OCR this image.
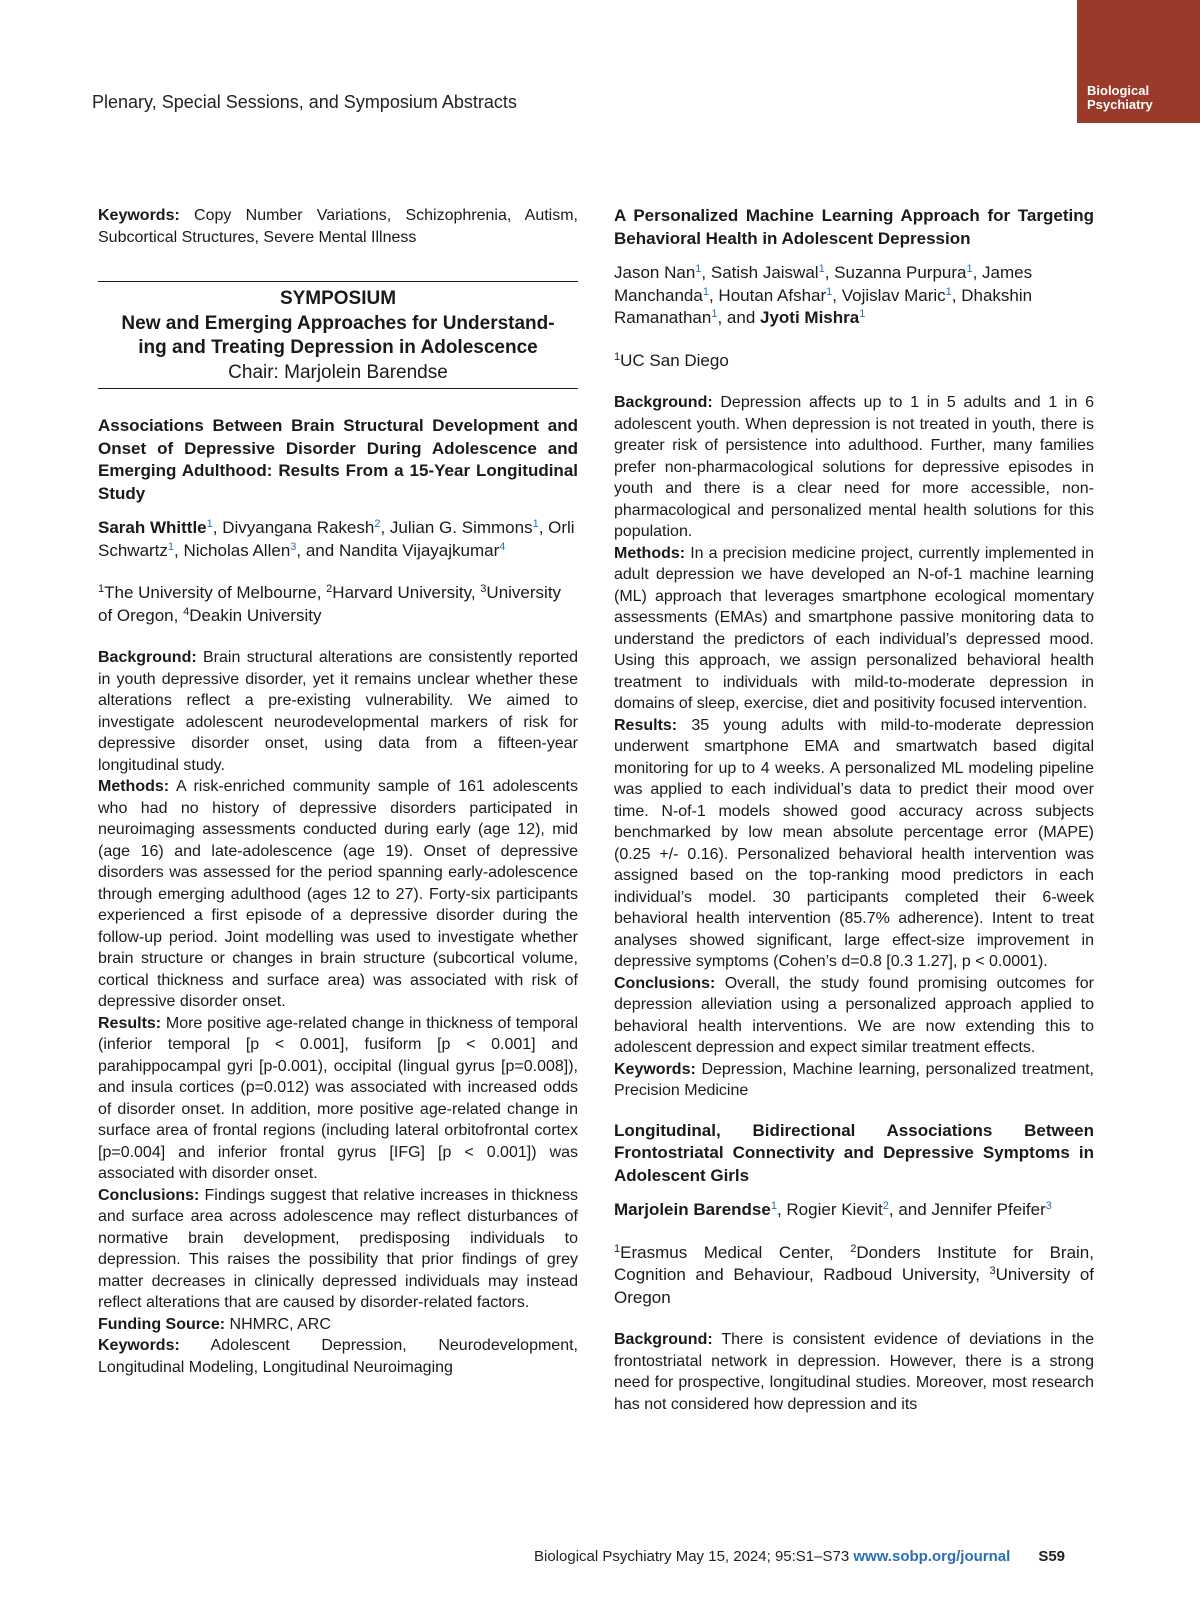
Biological
Psychiatry
Plenary, Special Sessions, and Symposium Abstracts

Keywords: Copy Number Variations, Schizophrenia, Autism, Subcortical Structures, Severe Mental Illness

SYMPOSIUM
New and Emerging Approaches for Understand-
ing and Treating Depression in Adolescence
Chair: Marjolein Barendse

Associations Between Brain Structural Development and Onset of Depressive Disorder During Adolescence and Emerging Adulthood: Results From a 15-Year Longitudinal Study

Sarah Whittle$^1$, Divyangana Rakesh$^2$, Julian G. Simmons$^1$, Orli Schwartz$^1$, Nicholas Allen$^3$, and Nandita Vijayajkumar$^4$

$^1$The University of Melbourne, $^2$Harvard University, $^3$University of Oregon, $^4$Deakin University

Background: Brain structural alterations are consistently reported in youth depressive disorder, yet it remains unclear whether these alterations reflect a pre-existing vulnerability. We aimed to investigate adolescent neurodevelopmental markers of risk for depressive disorder onset, using data from a fifteen-year longitudinal study.

Methods: A risk-enriched community sample of 161 adolescents who had no history of depressive disorders participated in neuroimaging assessments conducted during early (age 12), mid (age 16) and late-adolescence (age 19). Onset of depressive disorders was assessed for the period spanning early-adolescence through emerging adulthood (ages 12 to 27). Forty-six participants experienced a first episode of a depressive disorder during the follow-up period. Joint modelling was used to investigate whether brain structure or changes in brain structure (subcortical volume, cortical thickness and surface area) was associated with risk of depressive disorder onset.

Results: More positive age-related change in thickness of temporal (inferior temporal [p < 0.001], fusiform [p < 0.001] and parahippocampal gyri [p-0.001), occipital (lingual gyrus [p=0.008]), and insula cortices (p=0.012) was associated with increased odds of disorder onset. In addition, more positive age-related change in surface area of frontal regions (including lateral orbitofrontal cortex [p=0.004] and inferior frontal gyrus [IFG] [p < 0.001]) was associated with disorder onset.

Conclusions: Findings suggest that relative increases in thickness and surface area across adolescence may reflect disturbances of normative brain development, predisposing individuals to depression. This raises the possibility that prior findings of grey matter decreases in clinically depressed individuals may instead reflect alterations that are caused by disorder-related factors.

Funding Source: NHMRC, ARC

Keywords: Adolescent Depression, Neurodevelopment, Longitudinal Modeling, Longitudinal Neuroimaging

A Personalized Machine Learning Approach for Targeting Behavioral Health in Adolescent Depression

Jason Nan$^1$, Satish Jaiswal$^1$, Suzanna Purpura$^1$, James Manchanda$^1$, Houtan Afshar$^1$, Vojislav Maric$^1$, Dhakshin Ramanathan$^1$, and Jyoti Mishra$^1$

$^1$UC San Diego

Background: Depression affects up to 1 in 5 adults and 1 in 6 adolescent youth. When depression is not treated in youth, there is greater risk of persistence into adulthood. Further, many families prefer non-pharmacological solutions for depressive episodes in youth and there is a clear need for more accessible, non-pharmacological and personalized mental health solutions for this population.

Methods: In a precision medicine project, currently implemented in adult depression we have developed an N-of-1 machine learning (ML) approach that leverages smartphone ecological momentary assessments (EMAs) and smartphone passive monitoring data to understand the predictors of each individual’s depressed mood. Using this approach, we assign personalized behavioral health treatment to individuals with mild-to-moderate depression in domains of sleep, exercise, diet and positivity focused intervention.

Results: 35 young adults with mild-to-moderate depression underwent smartphone EMA and smartwatch based digital monitoring for up to 4 weeks. A personalized ML modeling pipeline was applied to each individual’s data to predict their mood over time. N-of-1 models showed good accuracy across subjects benchmarked by low mean absolute percentage error (MAPE) (0.25 +/- 0.16). Personalized behavioral health intervention was assigned based on the top-ranking mood predictors in each individual’s model. 30 participants completed their 6-week behavioral health intervention (85.7% adherence). Intent to treat analyses showed significant, large effect-size improvement in depressive symptoms (Cohen’s d=0.8 [0.3 1.27], p < 0.0001).

Conclusions: Overall, the study found promising outcomes for depression alleviation using a personalized approach applied to behavioral health interventions. We are now extending this to adolescent depression and expect similar treatment effects.

Keywords: Depression, Machine learning, personalized treatment, Precision Medicine

Longitudinal, Bidirectional Associations Between Frontostriatal Connectivity and Depressive Symptoms in Adolescent Girls

Marjolein Barendse$^1$, Rogier Kievit$^2$, and Jennifer Pfeifer$^3$

$^1$Erasmus Medical Center, $^2$Donders Institute for Brain, Cognition and Behaviour, Radboud University, $^3$University of Oregon

Background: There is consistent evidence of deviations in the frontostriatal network in depression. However, there is a strong need for prospective, longitudinal studies. Moreover, most research has not considered how depression and its

Biological Psychiatry May 15, 2024; 95:S1–S73 www.sobp.org/journal S59
